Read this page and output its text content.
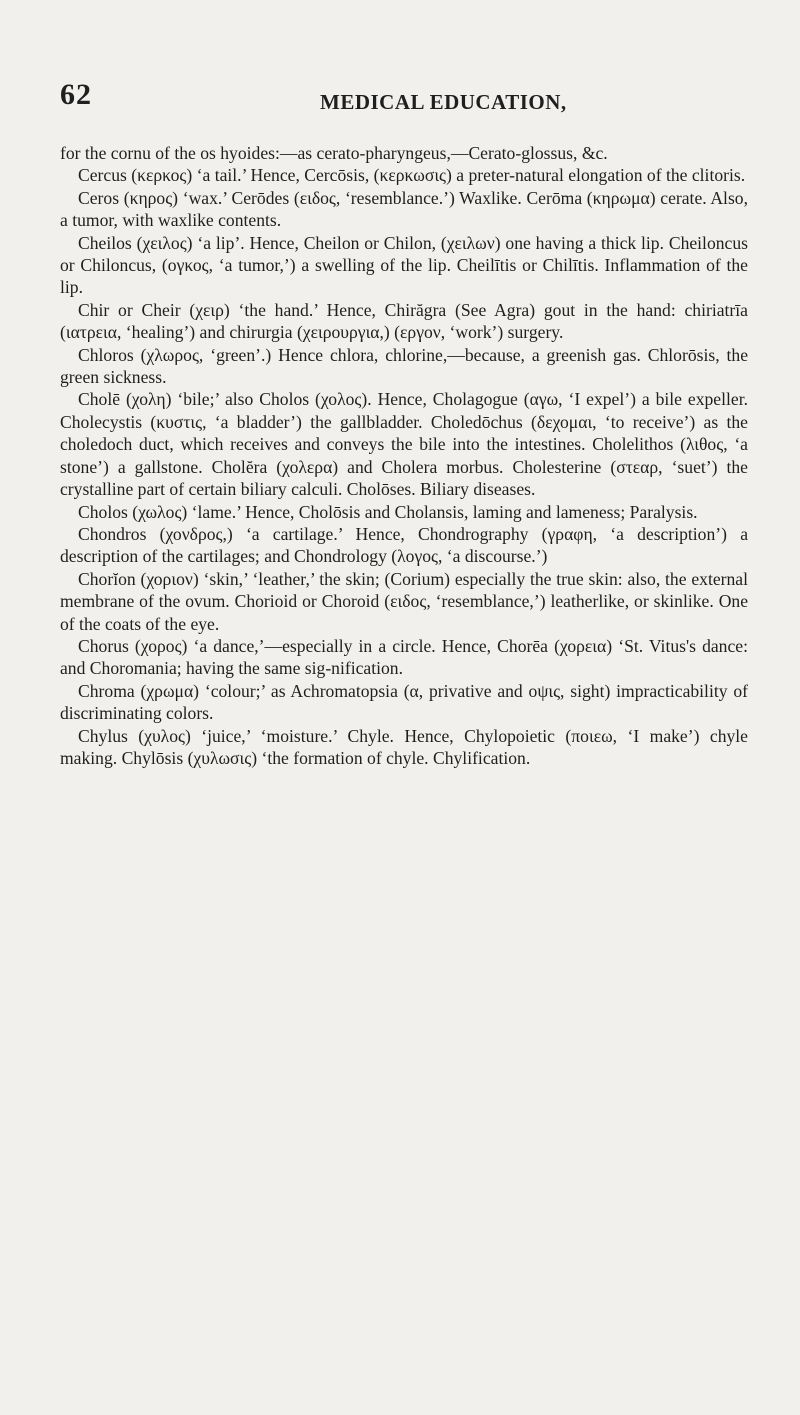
62	MEDICAL EDUCATION,

for the cornu of the os hyoides:—as cerato-pharyngeus,—Cerato-glossus, &c.

Cercus (κερκος) ‘a tail.’ Hence, Cercōsis, (κερκωσις) a preter-natural elongation of the clitoris.

Ceros (κηρος) ‘wax.’ Cerōdes (ειδος, ‘resemblance.’) Waxlike. Cerōma (κηρωμα) cerate. Also, a tumor, with waxlike contents.

Cheilos (χειλος) ‘a lip’. Hence, Cheilon or Chilon, (χειλων) one having a thick lip. Cheiloncus or Chiloncus, (ογκος, ‘a tumor,’) a swelling of the lip. Cheilītis or Chilītis. Inflammation of the lip.

Chir or Cheir (χειρ) ‘the hand.’ Hence, Chirăgra (See Agra) gout in the hand: chiriatrīa (ιατρεια, ‘healing’) and chirurgia (χειρουργια,) (εργον, ‘work’) surgery.

Chloros (χλωρος, ‘green’.) Hence chlora, chlorine,—because, a greenish gas. Chlorōsis, the green sickness.

Cholē (χολη) ‘bile;’ also Cholos (χολος). Hence, Cholagogue (αγω, ‘I expel’) a bile expeller. Cholecystis (κυστις, ‘a bladder’) the gallbladder. Choledōchus (δεχομαι, ‘to receive’) as the choledoch duct, which receives and conveys the bile into the intestines. Cholelithos (λιθος, ‘a stone’) a gallstone. Cholĕra (χολερα) and Cholera morbus. Cholesterine (στεαρ, ‘suet’) the crystalline part of certain biliary calculi. Cholōses. Biliary diseases.

Cholos (χωλος) ‘lame.’ Hence, Cholōsis and Cholansis, laming and lameness; Paralysis.

Chondros (χονδρος,) ‘a cartilage.’ Hence, Chondrography (γραφη, ‘a description’) a description of the cartilages; and Chondrology (λογος, ‘a discourse.’)

Chorĭon (χοριον) ‘skin,’ ‘leather,’ the skin; (Corium) especially the true skin: also, the external membrane of the ovum. Chorioid or Choroid (ειδος, ‘resemblance,’) leatherlike, or skinlike. One of the coats of the eye.

Chorus (χορος) ‘a dance,’—especially in a circle. Hence, Chorēa (χορεια) ‘St. Vitus's dance: and Choromania; having the same sig-nification.

Chroma (χρωμα) ‘colour;’ as Achromatopsia (α, privative and οψις, sight) impracticability of discriminating colors.

Chylus (χυλος) ‘juice,’ ‘moisture.’ Chyle. Hence, Chylopoietic (ποιεω, ‘I make’) chyle making. Chylōsis (χυλωσις) ‘the formation of chyle. Chylification.
